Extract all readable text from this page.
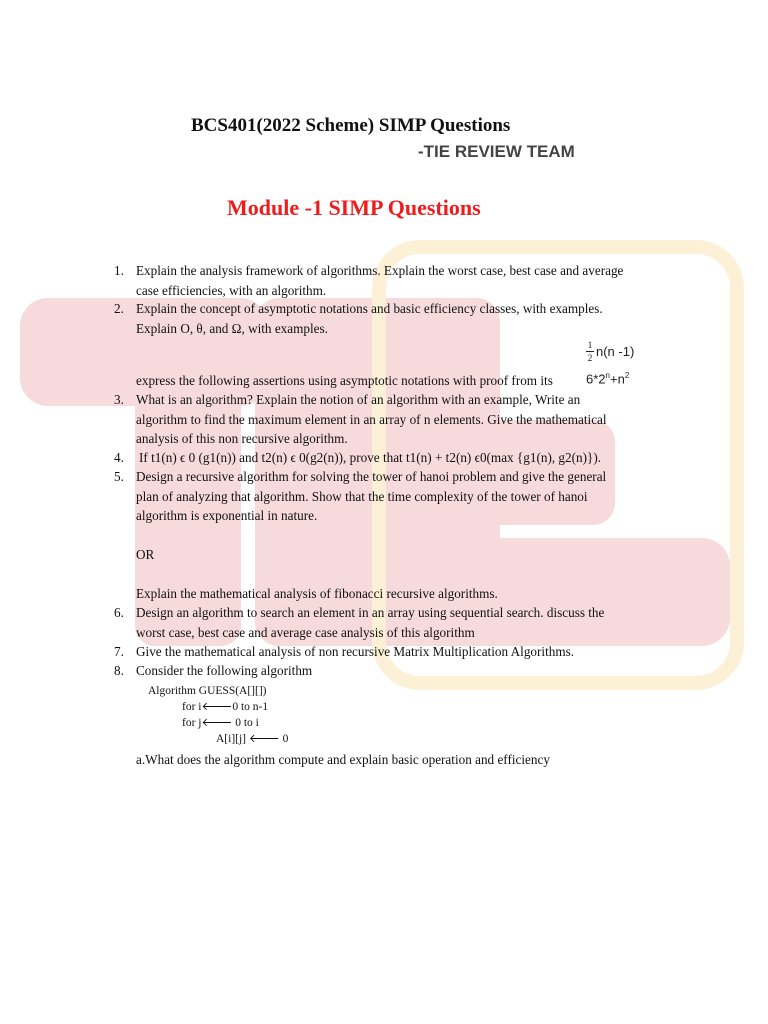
BCS401(2022 Scheme) SIMP Questions
-TIE REVIEW TEAM
Module -1 SIMP Questions
1. Explain the analysis framework of algorithms. Explain the worst case, best case and average
case efficiencies, with an algorithm.
2. Explain the concept of asymptotic notations and basic efficiency classes, with examples.
Explain O, θ, and Ω, with examples.
1
2 n(n -1)
$6*2^n+n^2$
express the following assertions using asymptotic notations with proof from its
3. What is an algorithm? Explain the notion of an algorithm with an example, Write an
algorithm to find the maximum element in an array of n elements. Give the mathematical
analysis of this non recursive algorithm.
4. If t1(n) ϵ 0 (g1(n)) and t2(n) ϵ 0(g2(n)), prove that t1(n) + t2(n) ϵ0(max {g1(n), g2(n)}).
5. Design a recursive algorithm for solving the tower of hanoi problem and give the general
plan of analyzing that algorithm. Show that the time complexity of the tower of hanoi
algorithm is exponential in nature.
OR
Explain the mathematical analysis of fibonacci recursive algorithms.
6. Design an algorithm to search an element in an array using sequential search. discuss the
worst case, best case and average case analysis of this algorithm
7. Give the mathematical analysis of non recursive Matrix Multiplication Algorithms.
8. Consider the following algorithm
Algorithm GUESS(A[][])
for i🡐0 to n-1
for j🡐 0 to i
A[i][j] 🡐 0
a.What does the algorithm compute and explain basic operation and efficiency
